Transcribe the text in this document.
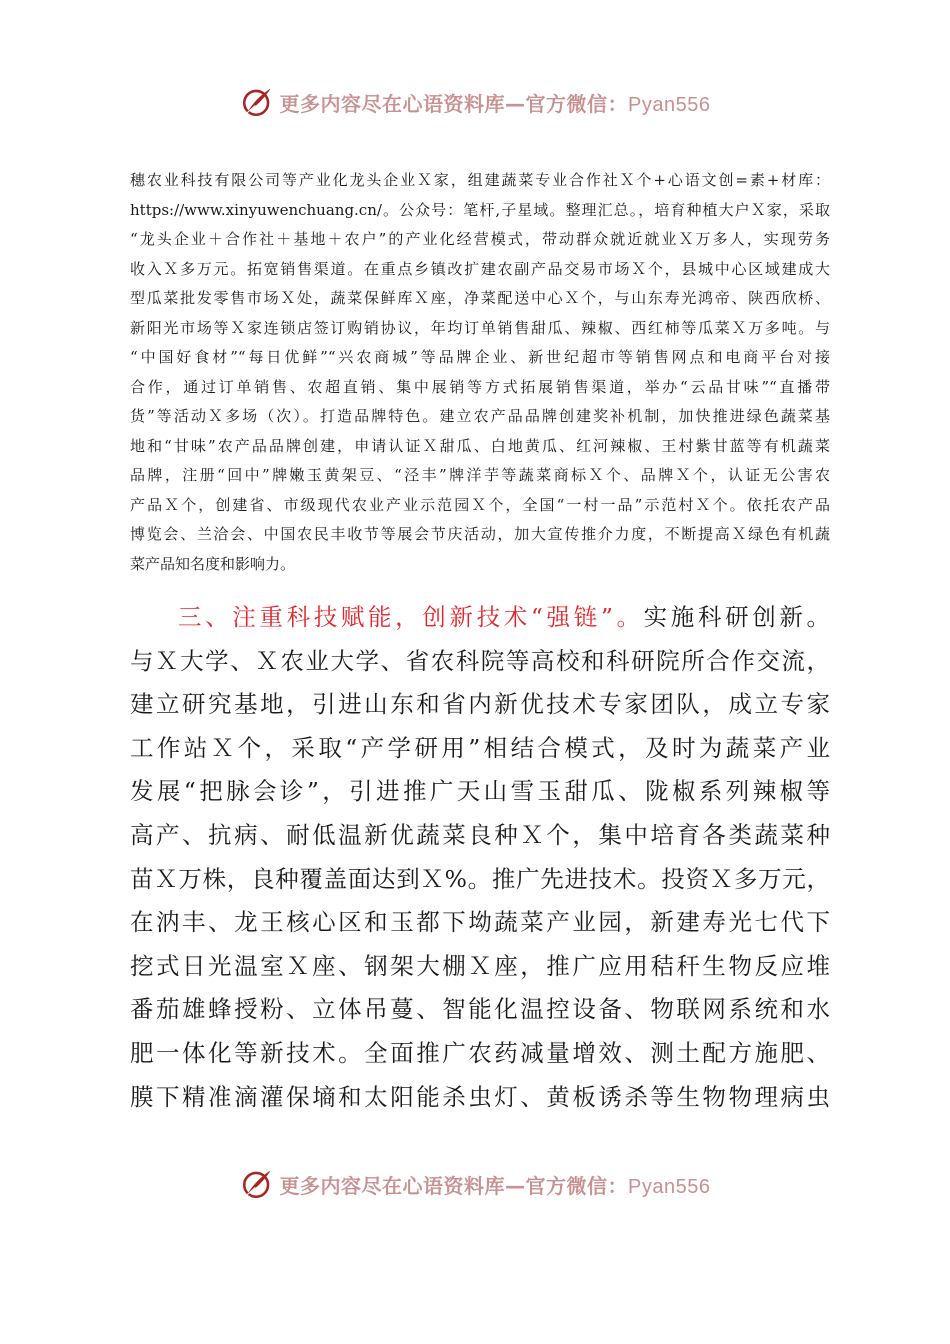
更多内容尽在心语资料库—官方微信：Pyan556
穗农业科技有限公司等产业化龙头企业Ｘ家，组建蔬菜专业合作社Ｘ个+心语文创=素+材库：
https://www.xinyuwenchuang.cn/。公众号：笔杆,子星域。整理汇总。，培育种植大户Ｘ家，采取
“龙头企业＋合作社＋基地＋农户”的产业化经营模式，带动群众就近就业Ｘ万多人，实现劳务
收入Ｘ多万元。拓宽销售渠道。在重点乡镇改扩建农副产品交易市场Ｘ个，县城中心区域建成大
型瓜菜批发零售市场Ｘ处，蔬菜保鲜库Ｘ座，净菜配送中心Ｘ个，与山东寿光鸿帝、陕西欣桥、
新阳光市场等Ｘ家连锁店签订购销协议，年均订单销售甜瓜、辣椒、西红柿等瓜菜Ｘ万多吨。与
“中国好食材”“每日优鲜”“兴农商城”等品牌企业、新世纪超市等销售网点和电商平台对接
合作，通过订单销售、农超直销、集中展销等方式拓展销售渠道，举办“云品甘味”“直播带
货”等活动Ｘ多场（次）。打造品牌特色。建立农产品品牌创建奖补机制，加快推进绿色蔬菜基
地和“甘味”农产品品牌创建，申请认证Ｘ甜瓜、白地黄瓜、红河辣椒、王村紫甘蓝等有机蔬菜
品牌，注册“回中”牌嫩玉黄架豆、“泾丰”牌洋芋等蔬菜商标Ｘ个、品牌Ｘ个，认证无公害农
产品Ｘ个，创建省、市级现代农业产业示范园Ｘ个，全国“一村一品”示范村Ｘ个。依托农产品
博览会、兰洽会、中国农民丰收节等展会节庆活动，加大宣传推介力度，不断提高Ｘ绿色有机蔬
菜产品知名度和影响力。
三、注重科技赋能，创新技术“强链”。实施科研创新。
与Ｘ大学、Ｘ农业大学、省农科院等高校和科研院所合作交流，
建立研究基地，引进山东和省内新优技术专家团队，成立专家
工作站Ｘ个，采取“产学研用”相结合模式，及时为蔬菜产业
发展“把脉会诊”，引进推广天山雪玉甜瓜、陇椒系列辣椒等
高产、抗病、耐低温新优蔬菜良种Ｘ个，集中培育各类蔬菜种
苗Ｘ万株，良种覆盖面达到Ｘ%。推广先进技术。投资Ｘ多万元，
在汭丰、龙王核心区和玉都下坳蔬菜产业园，新建寿光七代下
挖式日光温室Ｘ座、钢架大棚Ｘ座，推广应用秸秆生物反应堆
番茄雄蜂授粉、立体吊蔓、智能化温控设备、物联网系统和水
肥一体化等新技术。全面推广农药减量增效、测土配方施肥、
膜下精准滴灌保墒和太阳能杀虫灯、黄板诱杀等生物物理病虫
更多内容尽在心语资料库—官方微信：Pyan556
